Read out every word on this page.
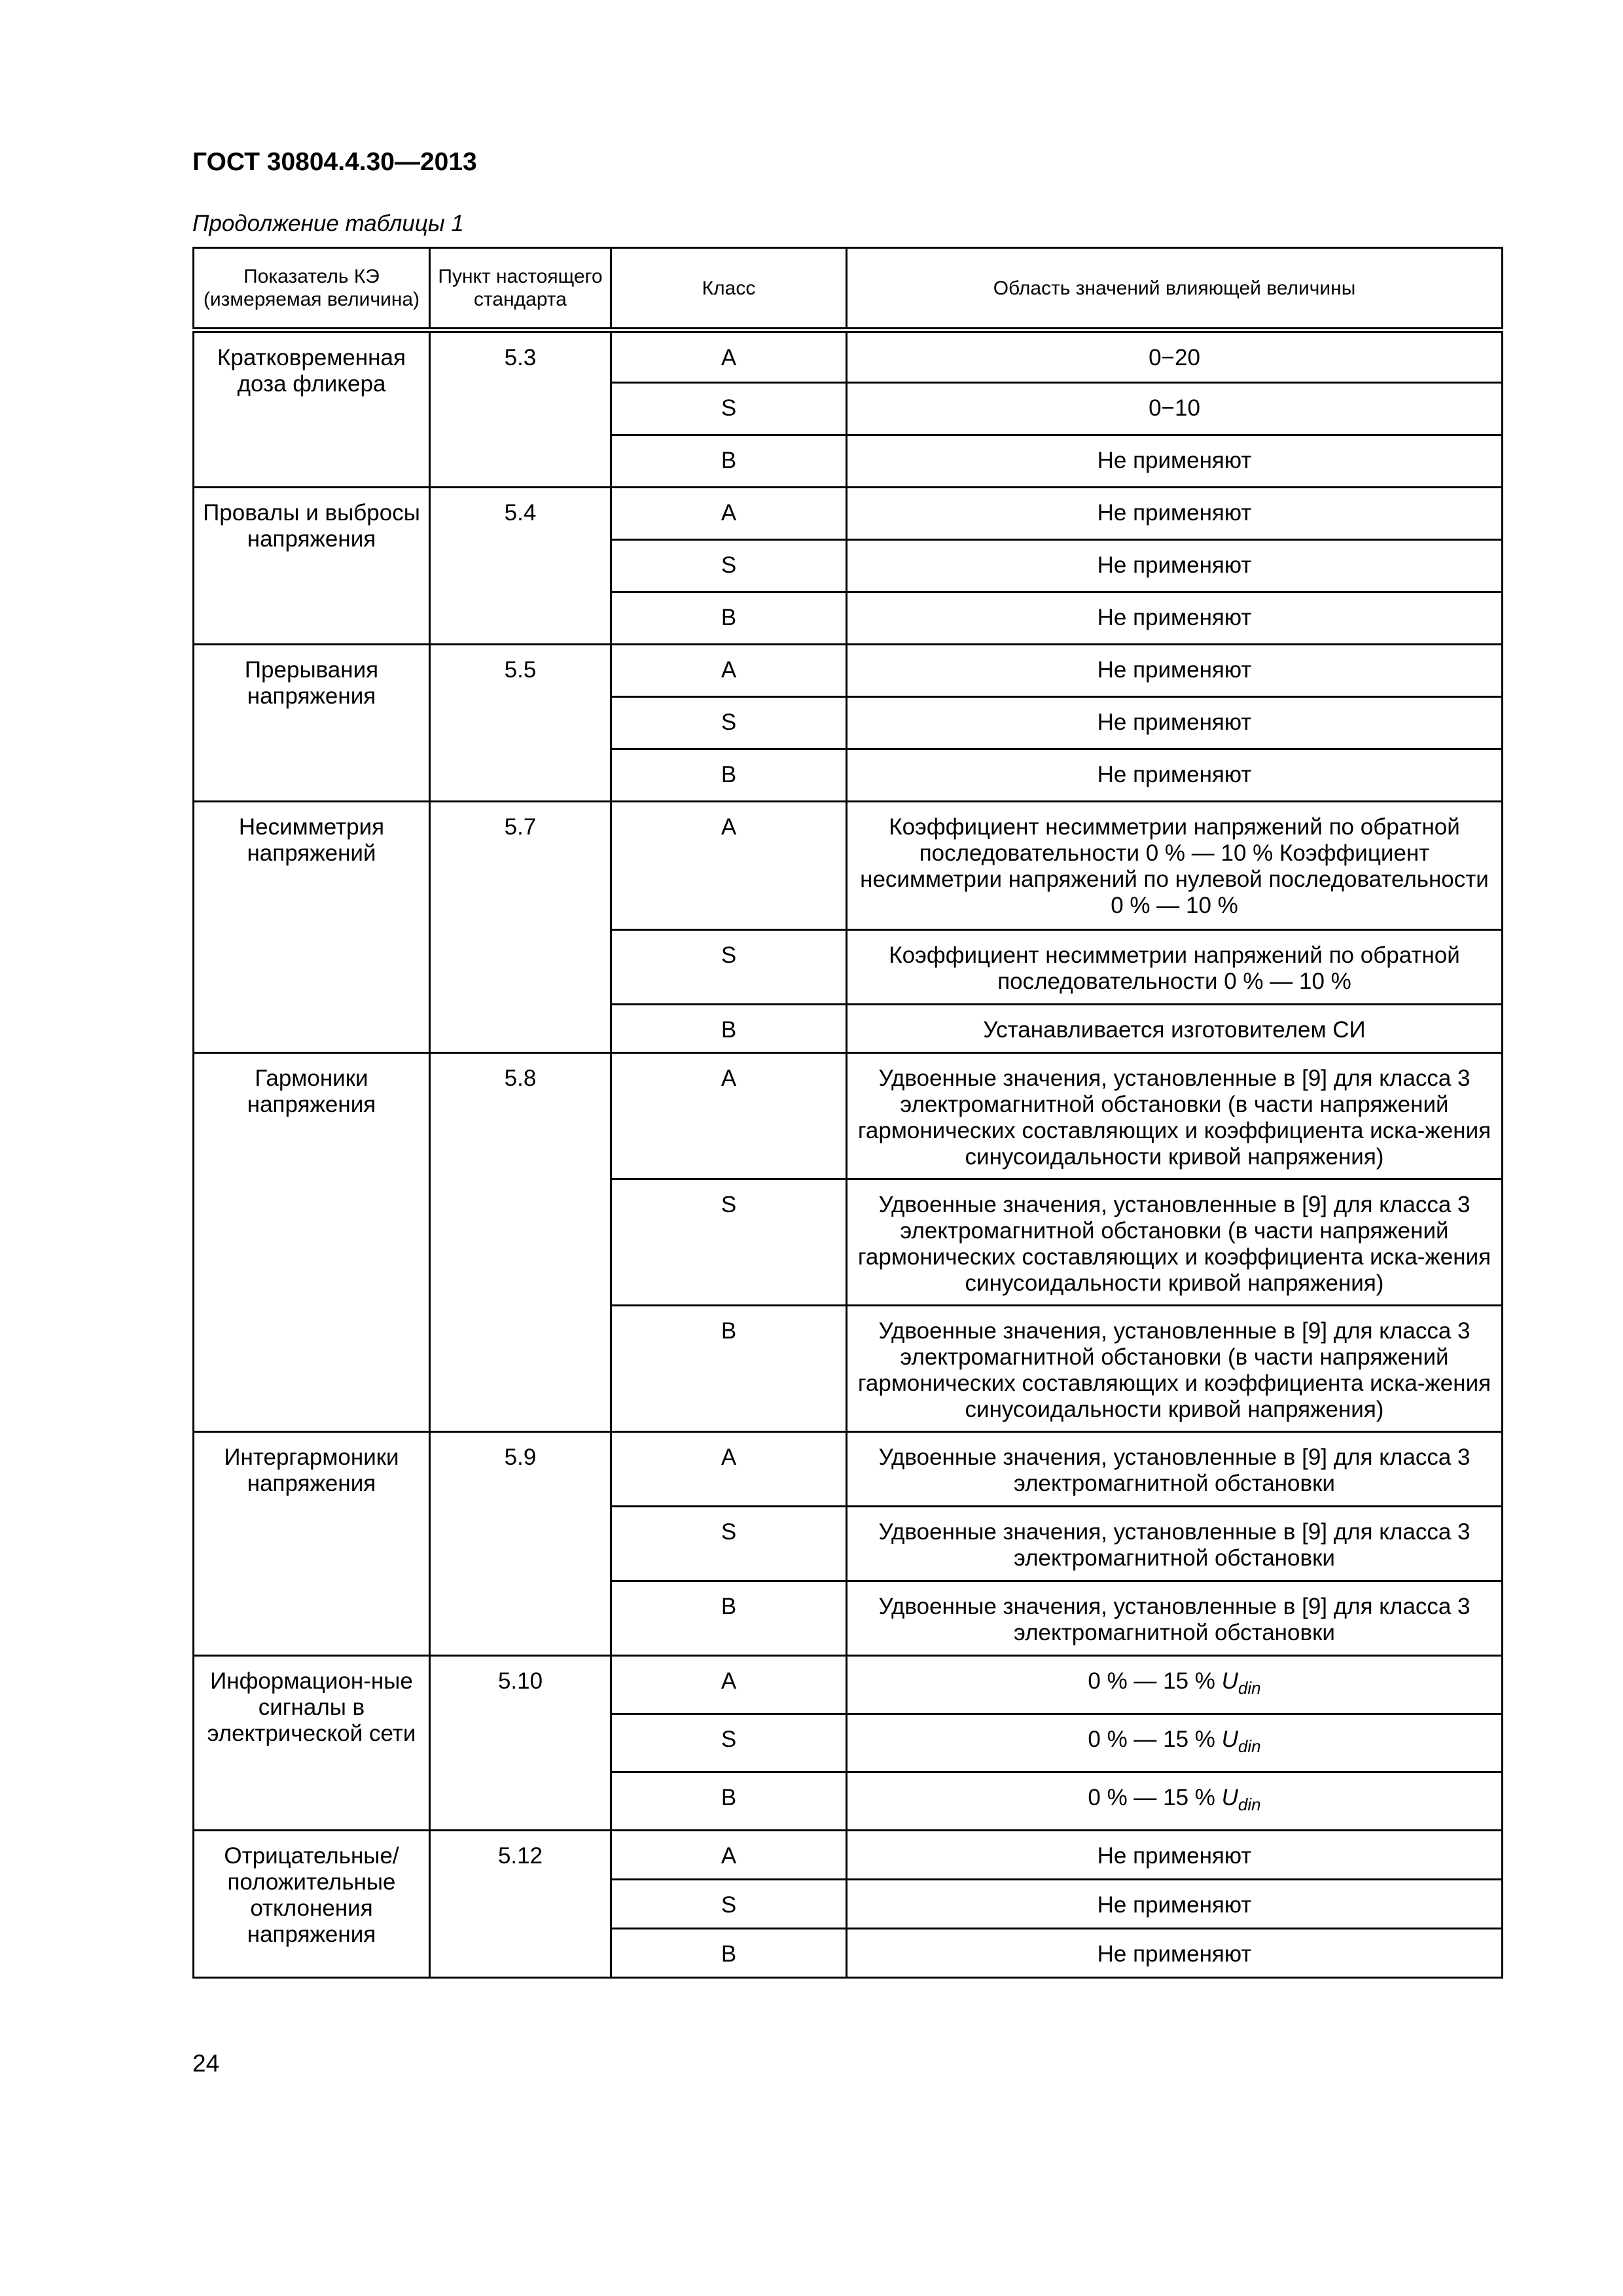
ГОСТ 30804.4.30—2013
Продолжение таблицы 1
Показатель КЭ (измеряемая величина)	Пункт настоящего стандарта	Класс	Область значений влияющей величины
Кратковременная доза фликера	5.3	A	0−20
		S	0−10
		B	Не применяют
Провалы и выбросы напряжения	5.4	A	Не применяют
		S	Не применяют
		B	Не применяют
Прерывания напряжения	5.5	A	Не применяют
		S	Не применяют
		B	Не применяют
Несимметрия напряжений	5.7	A	Коэффициент несимметрии напряжений по обратной последовательности 0 % — 10 % Коэффициент несимметрии напряжений по нулевой последовательности 0 % — 10 %
		S	Коэффициент несимметрии напряжений по обратной последовательности 0 % — 10 %
		B	Устанавливается изготовителем СИ
Гармоники напряжения	5.8	A	Удвоенные значения, установленные в [9] для класса 3 электромагнитной обстановки (в части напряжений гармонических составляющих и коэффициента иска-жения синусоидальности кривой напряжения)
		S	Удвоенные значения, установленные в [9] для класса 3 электромагнитной обстановки (в части напряжений гармонических составляющих и коэффициента иска-жения синусоидальности кривой напряжения)
		B	Удвоенные значения, установленные в [9] для класса 3 электромагнитной обстановки (в части напряжений гармонических составляющих и коэффициента иска-жения синусоидальности кривой напряжения)
Интергармоники напряжения	5.9	A	Удвоенные значения, установленные в [9] для класса 3 электромагнитной обстановки
		S	Удвоенные значения, установленные в [9] для класса 3 электромагнитной обстановки
		B	Удвоенные значения, установленные в [9] для класса 3 электромагнитной обстановки
Информацион-ные сигналы в электрической сети	5.10	A	0 % — 15 % $U_{din}$
		S	0 % — 15 % $U_{din}$
		B	0 % — 15 % $U_{din}$
Отрицательные/ положительные отклонения напряжения	5.12	A	Не применяют
		S	Не применяют
		B	Не применяют
24
